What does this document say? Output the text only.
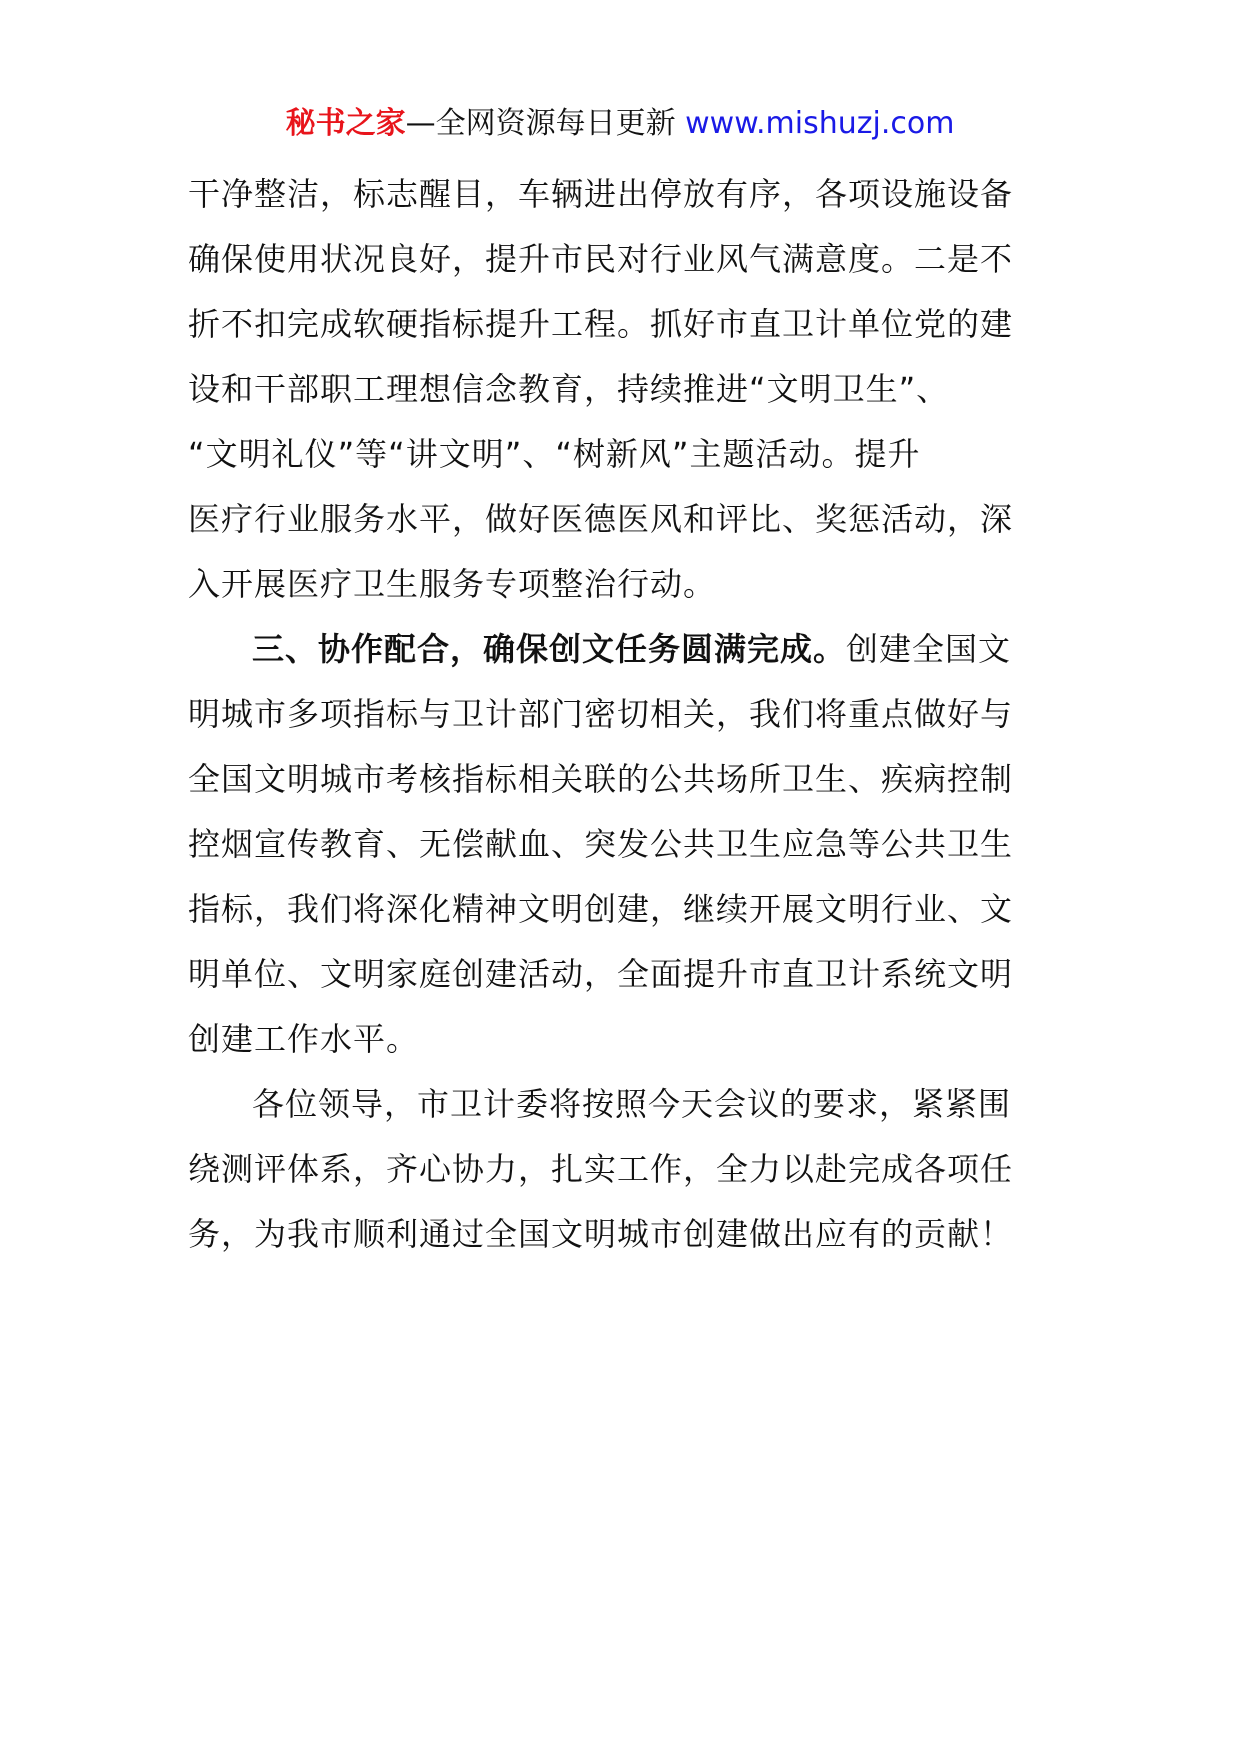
秘书之家—全网资源每日更新 www.mishuzj.com
干净整洁，标志醒目，车辆进出停放有序，各项设施设备
确保使用状况良好，提升市民对行业风气满意度。二是不
折不扣完成软硬指标提升工程。抓好市直卫计单位党的建
设和干部职工理想信念教育，持续推进“文明卫生”、
“文明礼仪”等“讲文明”、“树新风”主题活动。提升
医疗行业服务水平，做好医德医风和评比、奖惩活动，深
入开展医疗卫生服务专项整治行动。
三、协作配合，确保创文任务圆满完成。创建全国文
明城市多项指标与卫计部门密切相关，我们将重点做好与
全国文明城市考核指标相关联的公共场所卫生、疾病控制
控烟宣传教育、无偿献血、突发公共卫生应急等公共卫生
指标，我们将深化精神文明创建，继续开展文明行业、文
明单位、文明家庭创建活动，全面提升市直卫计系统文明
创建工作水平。
各位领导，市卫计委将按照今天会议的要求，紧紧围
绕测评体系，齐心协力，扎实工作，全力以赴完成各项任
务，为我市顺利通过全国文明城市创建做出应有的贡献！
